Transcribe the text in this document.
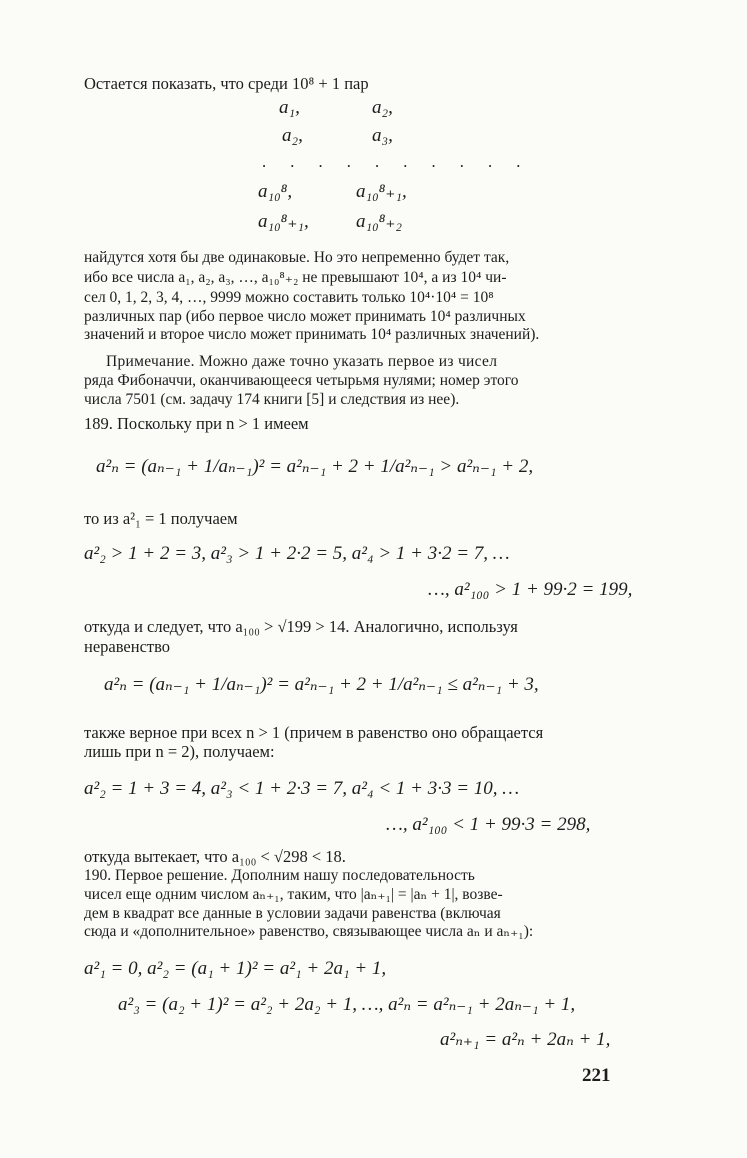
Остается показать, что среди 10⁸ + 1 пар
a₁,	a₂,
a₂,	a₃,
. . . . . . . . . .
a₁₀⁸,	a₁₀⁸₊₁,
a₁₀⁸₊₁, a₁₀⁸₊₂
найдутся хотя бы две одинаковые. Но это непременно будет так,
ибо все числа a₁, a₂, a₃, …, a₁₀⁸₊₂ не превышают 10⁴, а из 10⁴ чи-
сел 0, 1, 2, 3, 4, …, 9999 можно составить только 10⁴·10⁴ = 10⁸
различных пар (ибо первое число может принимать 10⁴ различных
значений и второе число может принимать 10⁴ различных значений).
Примечание. Можно даже точно указать первое из чисел
ряда Фибоначчи, оканчивающееся четырьмя нулями; номер этого
числа 7501 (см. задачу 174 книги [5] и следствия из нее).
189. Поскольку при n > 1 имеем
a²ₙ = (aₙ₋₁ + 1/aₙ₋₁)² = a²ₙ₋₁ + 2 + 1/a²ₙ₋₁ > a²ₙ₋₁ + 2,
то из a²₁ = 1 получаем
a²₂ > 1 + 2 = 3, a²₃ > 1 + 2·2 = 5, a²₄ > 1 + 3·2 = 7, …
…, a²₁₀₀ > 1 + 99·2 = 199,
откуда и следует, что a₁₀₀ > √199 > 14. Аналогично, используя
неравенство
a²ₙ = (aₙ₋₁ + 1/aₙ₋₁)² = a²ₙ₋₁ + 2 + 1/a²ₙ₋₁ ≤ a²ₙ₋₁ + 3,
также верное при всех n > 1 (причем в равенство оно обращается
лишь при n = 2), получаем:
a²₂ = 1 + 3 = 4, a²₃ < 1 + 2·3 = 7, a²₄ < 1 + 3·3 = 10, …
…, a²₁₀₀ < 1 + 99·3 = 298,
откуда вытекает, что a₁₀₀ < √298 < 18.
190. Первое решение. Дополним нашу последовательность
чисел еще одним числом aₙ₊₁, таким, что |aₙ₊₁| = |aₙ + 1|, возве-
дем в квадрат все данные в условии задачи равенства (включая
сюда и «дополнительное» равенство, связывающее числа aₙ и aₙ₊₁):
a²₁ = 0, a²₂ = (a₁ + 1)² = a²₁ + 2a₁ + 1,
a²₃ = (a₂ + 1)² = a²₂ + 2a₂ + 1, …, a²ₙ = a²ₙ₋₁ + 2aₙ₋₁ + 1,
a²ₙ₊₁ = a²ₙ + 2aₙ + 1,
221
